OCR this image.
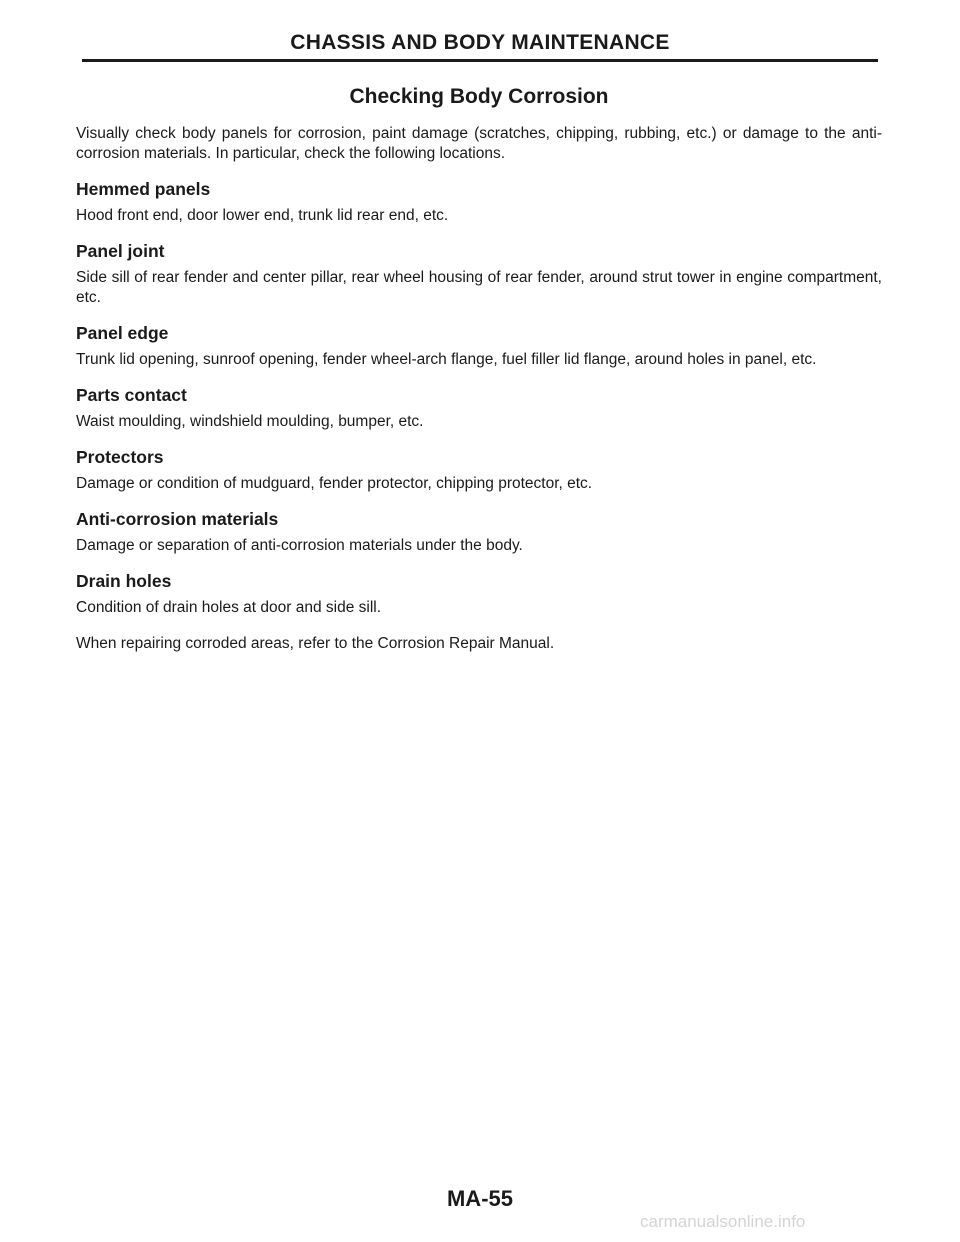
CHASSIS AND BODY MAINTENANCE
Checking Body Corrosion

Visually check body panels for corrosion, paint damage (scratches, chipping, rubbing, etc.) or damage to the anti-corrosion materials. In particular, check the following locations.

Hemmed panels

Hood front end, door lower end, trunk lid rear end, etc.

Panel joint

Side sill of rear fender and center pillar, rear wheel housing of rear fender, around strut tower in engine compartment, etc.

Panel edge

Trunk lid opening, sunroof opening, fender wheel-arch flange, fuel filler lid flange, around holes in panel, etc.

Parts contact

Waist moulding, windshield moulding, bumper, etc.

Protectors

Damage or condition of mudguard, fender protector, chipping protector, etc.

Anti-corrosion materials

Damage or separation of anti-corrosion materials under the body.

Drain holes

Condition of drain holes at door and side sill.

When repairing corroded areas, refer to the Corrosion Repair Manual.

MA-55
carmanualsonline.info
